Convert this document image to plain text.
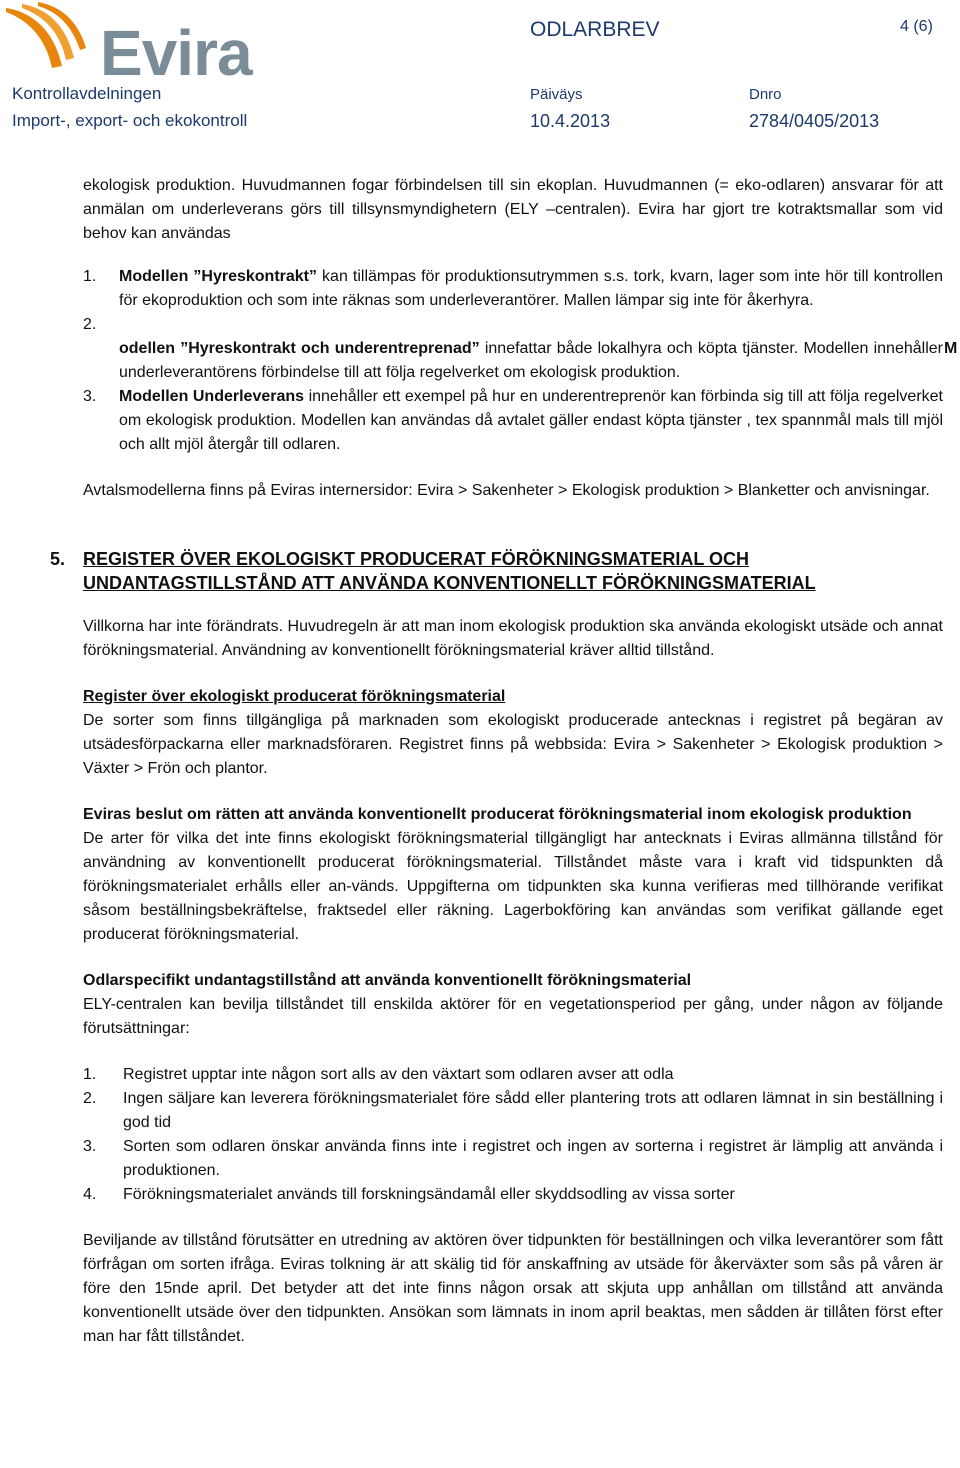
Evira	ODLARBREV	4 (6)
Kontrollavdelningen
Import-, export- och ekokontroll
Päiväys
10.4.2013
Dnro
2784/0405/2013
M

ekologisk produktion. Huvudmannen fogar förbindelsen till sin ekoplan. Huvudmannen (= eko-odlaren) ansvarar för att anmälan om underleverans görs till tillsynsmyndighetern (ELY –centralen). Evira har gjort tre kotraktsmallar som vid behov kan användas

1. Modellen ”Hyreskontrakt” kan tillämpas för produktionsutrymmen s.s. tork, kvarn, lager som inte hör till kontrollen för ekoproduktion och som inte räknas som underleverantörer. Mallen lämpar sig inte för åkerhyra.
2.
odellen ”Hyreskontrakt och underentreprenad” innefattar både lokalhyra och köpta tjänster. Modellen innehåller underleverantörens förbindelse till att följa regelverket om ekologisk produktion.
3. Modellen Underleverans innehåller ett exempel på hur en underentreprenör kan förbinda sig till att följa regelverket om ekologisk produktion. Modellen kan användas då avtalet gäller endast köpta tjänster , tex spannmål mals till mjöl och allt mjöl återgår till odlaren.

Avtalsmodellerna finns på Eviras internersidor: Evira > Sakenheter > Ekologisk produktion > Blanketter och anvisningar.

5. REGISTER ÖVER EKOLOGISKT PRODUCERAT FÖRÖKNINGSMATERIAL OCH UNDANTAGSTILLSTÅND ATT ANVÄNDA KONVENTIONELLT FÖRÖKNINGSMATERIAL

Villkorna har inte förändrats. Huvudregeln är att man inom ekologisk produktion ska använda ekologiskt utsäde och annat förökningsmaterial. Användning av konventionellt förökningsmaterial kräver alltid tillstånd.

Register över ekologiskt producerat förökningsmaterial

De sorter som finns tillgängliga på marknaden som ekologiskt producerade antecknas i registret på begäran av utsädesförpackarna eller marknadsföraren. Registret finns på webbsida: Evira > Sakenheter > Ekologisk produktion > Växter > Frön och plantor.

Eviras beslut om rätten att använda konventionellt producerat förökningsmaterial inom ekologisk produktion

De arter för vilka det inte finns ekologiskt förökningsmaterial tillgängligt har antecknats i Eviras allmänna tillstånd för användning av konventionellt producerat förökningsmaterial. Tillståndet måste vara i kraft vid tidspunkten då förökningsmaterialet erhålls eller an-vänds. Uppgifterna om tidpunkten ska kunna verifieras med tillhörande verifikat såsom beställningsbekräftelse, fraktsedel eller räkning. Lagerbokföring kan användas som verifikat gällande eget producerat förökningsmaterial.

Odlarspecifikt undantagstillstånd att använda konventionellt förökningsmaterial

ELY-centralen kan bevilja tillståndet till enskilda aktörer för en vegetationsperiod per gång, under någon av följande förutsättningar:

1. Registret upptar inte någon sort alls av den växtart som odlaren avser att odla
2. Ingen säljare kan leverera förökningsmaterialet före sådd eller plantering trots att odlaren lämnat in sin beställning i god tid
3. Sorten som odlaren önskar använda finns inte i registret och ingen av sorterna i registret är lämplig att använda i produktionen.
4. Förökningsmaterialet används till forskningsändamål eller skyddsodling av vissa sorter

Beviljande av tillstånd förutsätter en utredning av aktören över tidpunkten för beställningen och vilka leverantörer som fått förfrågan om sorten ifråga. Eviras tolkning är att skälig tid för anskaffning av utsäde för åkerväxter som sås på våren är före den 15nde april. Det betyder att det inte finns någon orsak att skjuta upp anhållan om tillstånd att använda konventionellt utsäde över den tidpunkten. Ansökan som lämnats in inom april beaktas, men sådden är tillåten först efter man har fått tillståndet.
